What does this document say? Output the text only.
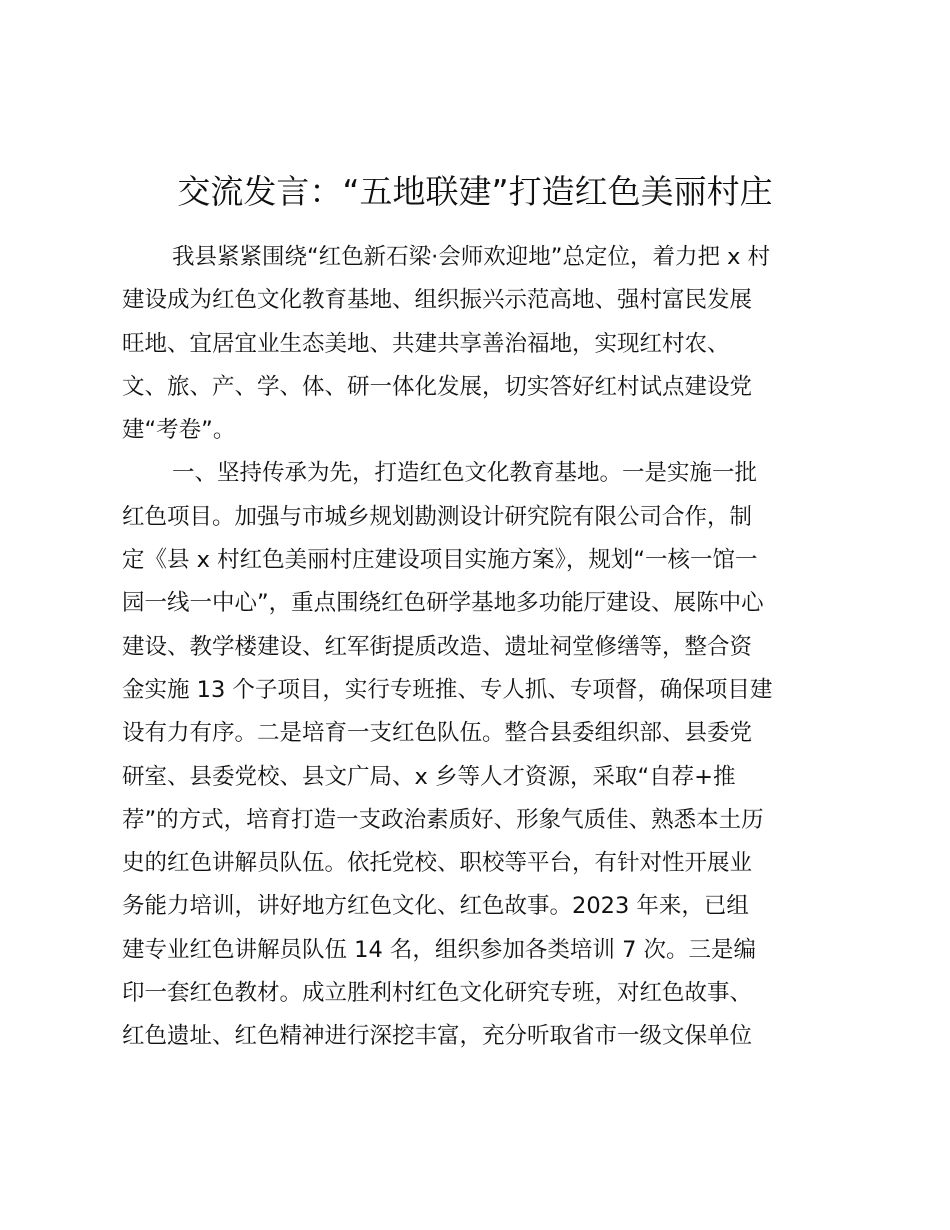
交流发言：“五地联建”打造红色美丽村庄
我县紧紧围绕“红色新石梁·会师欢迎地”总定位，着力把 x 村
建设成为红色文化教育基地、组织振兴示范高地、强村富民发展
旺地、宜居宜业生态美地、共建共享善治福地，实现红村农、
文、旅、产、学、体、研一体化发展，切实答好红村试点建设党
建“考卷”。
一、坚持传承为先，打造红色文化教育基地。一是实施一批
红色项目。加强与市城乡规划勘测设计研究院有限公司合作，制
定《县 x 村红色美丽村庄建设项目实施方案》，规划“一核一馆一
园一线一中心”，重点围绕红色研学基地多功能厅建设、展陈中心
建设、教学楼建设、红军街提质改造、遗址祠堂修缮等，整合资
金实施 13 个子项目，实行专班推、专人抓、专项督，确保项目建
设有力有序。二是培育一支红色队伍。整合县委组织部、县委党
研室、县委党校、县文广局、x 乡等人才资源，采取“自荐+推
荐”的方式，培育打造一支政治素质好、形象气质佳、熟悉本土历
史的红色讲解员队伍。依托党校、职校等平台，有针对性开展业
务能力培训，讲好地方红色文化、红色故事。2023 年来，已组
建专业红色讲解员队伍 14 名，组织参加各类培训 7 次。三是编
印一套红色教材。成立胜利村红色文化研究专班，对红色故事、
红色遗址、红色精神进行深挖丰富，充分听取省市一级文保单位
